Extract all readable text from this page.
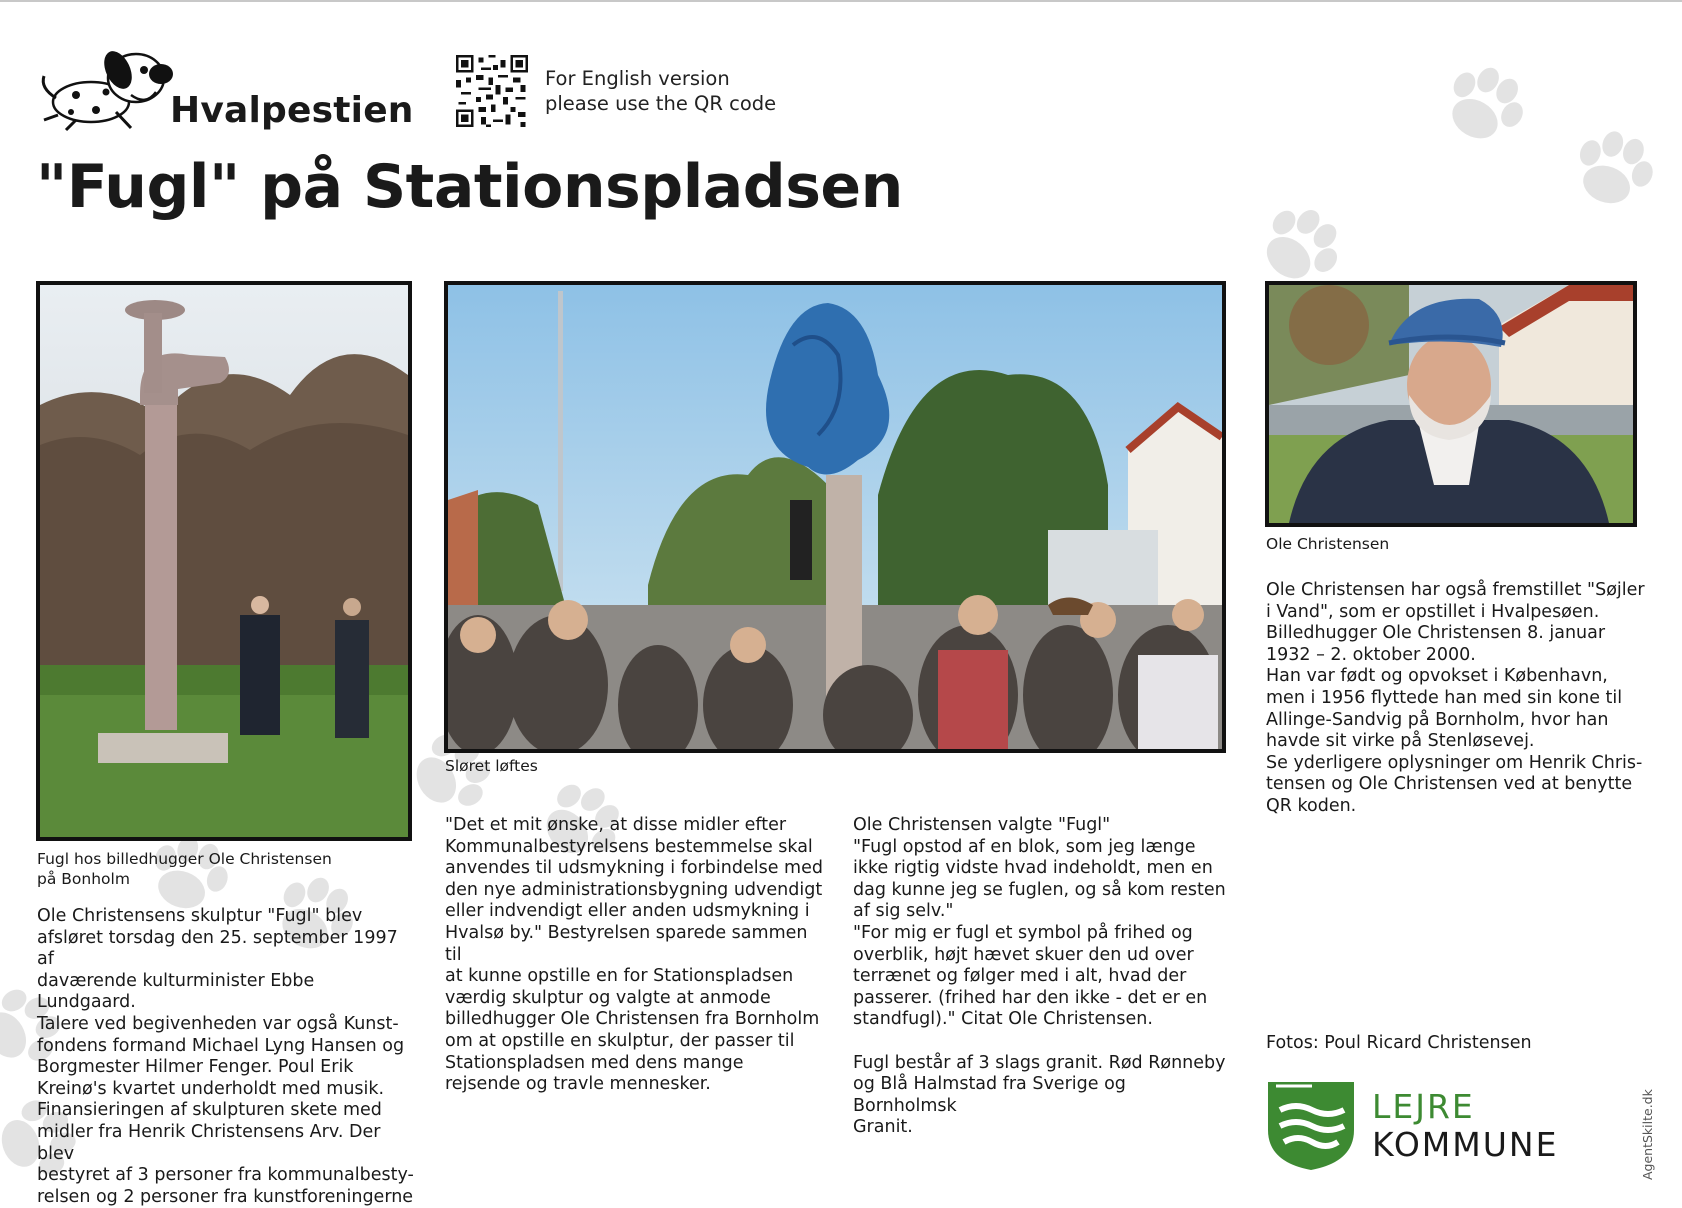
Hvalpestien
For English version
please use the QR code
"Fugl" på Stationspladsen
Fugl hos billedhugger Ole Christensen
på Bonholm
Sløret løftes
Ole Christensen
Ole Christensens skulptur "Fugl" blev
afsløret torsdag den 25. september 1997 af
daværende kulturminister Ebbe Lundgaard.
Talere ved begivenheden var også Kunst-
fondens formand Michael Lyng Hansen og
Borgmester Hilmer Fenger. Poul Erik
Kreinø's kvartet underholdt med musik.
Finansieringen af skulpturen skete med
midler fra Henrik Christensens Arv. Der blev
bestyret af 3 personer fra kommunalbesty-
relsen og 2 personer fra kunstforeningerne
"Det et mit ønske, at disse midler efter
Kommunalbestyrelsens bestemmelse skal
anvendes til udsmykning i forbindelse med
den nye administrationsbygning udvendigt
eller indvendigt eller anden udsmykning i
Hvalsø by." Bestyrelsen sparede sammen til
at kunne opstille en for Stationspladsen
værdig skulptur og valgte at anmode
billedhugger Ole Christensen fra Bornholm
om at opstille en skulptur, der passer til
Stationspladsen med dens mange
rejsende og travle mennesker.
Ole Christensen valgte "Fugl"
"Fugl opstod af en blok, som jeg længe
ikke rigtig vidste hvad indeholdt, men en
dag kunne jeg se fuglen, og så kom resten
af sig selv."
"For mig er fugl et symbol på frihed og
overblik, højt hævet skuer den ud over
terrænet og følger med i alt, hvad der
passerer. (frihed har den ikke - det er en
standfugl)." Citat Ole Christensen.

Fugl består af 3 slags granit. Rød Rønneby
og Blå Halmstad fra Sverige og Bornholmsk
Granit.
Ole Christensen har også fremstillet "Søjler
i Vand", som er opstillet i Hvalpesøen.
Billedhugger Ole Christensen 8. januar
1932 – 2. oktober 2000.
Han var født og opvokset i København,
men i 1956 flyttede han med sin kone til
Allinge-Sandvig på Bornholm, hvor han
havde sit virke på Stenløsevej.
Se yderligere oplysninger om Henrik Chris-
tensen og Ole Christensen ved at benytte
QR koden.
Fotos: Poul Ricard Christensen
LEJRE
KOMMUNE	AgentSkilte.dk
